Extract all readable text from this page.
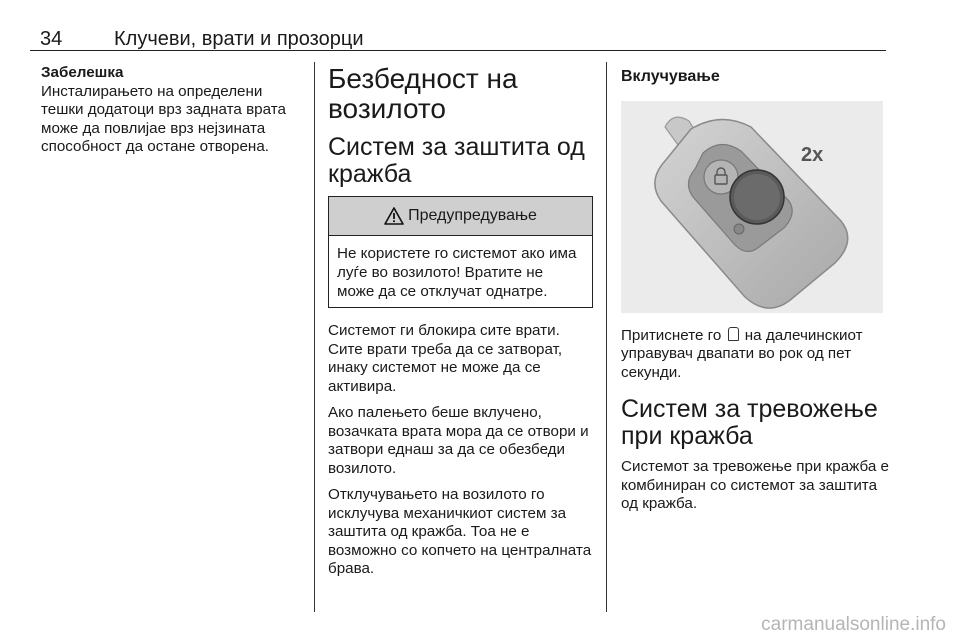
34	Клучеви, врати и прозорци
Забелешка

Инсталирањето на определени тешки додатоци врз задната врата може да повлијае врз нејзината способност да остане отворена.

Безбедност на возилото
Систем за заштита од кражба
Предупредување
Не користете го системот ако има луѓе во возилото! Вратите не може да се отклучат однатре.

Системот ги блокира сите врати. Сите врати треба да се затворат, инаку системот не може да се активира.

Ако палењето беше вклучено, возачката врата мора да се отвори и затвори еднаш за да се обезбеди возилото.

Отклучувањето на возилото го исклучува механичкиот систем за заштита од кражба. Тоа не е возможно со копчето на централната брава.

Вклучување
2x

Притиснете го на далечинскиот управувач двапати во рок од пет секунди.

Систем за тревожење при кражба

Системот за тревожење при кражба е комбиниран со системот за заштита од кражба.

carmanualsonline.info
